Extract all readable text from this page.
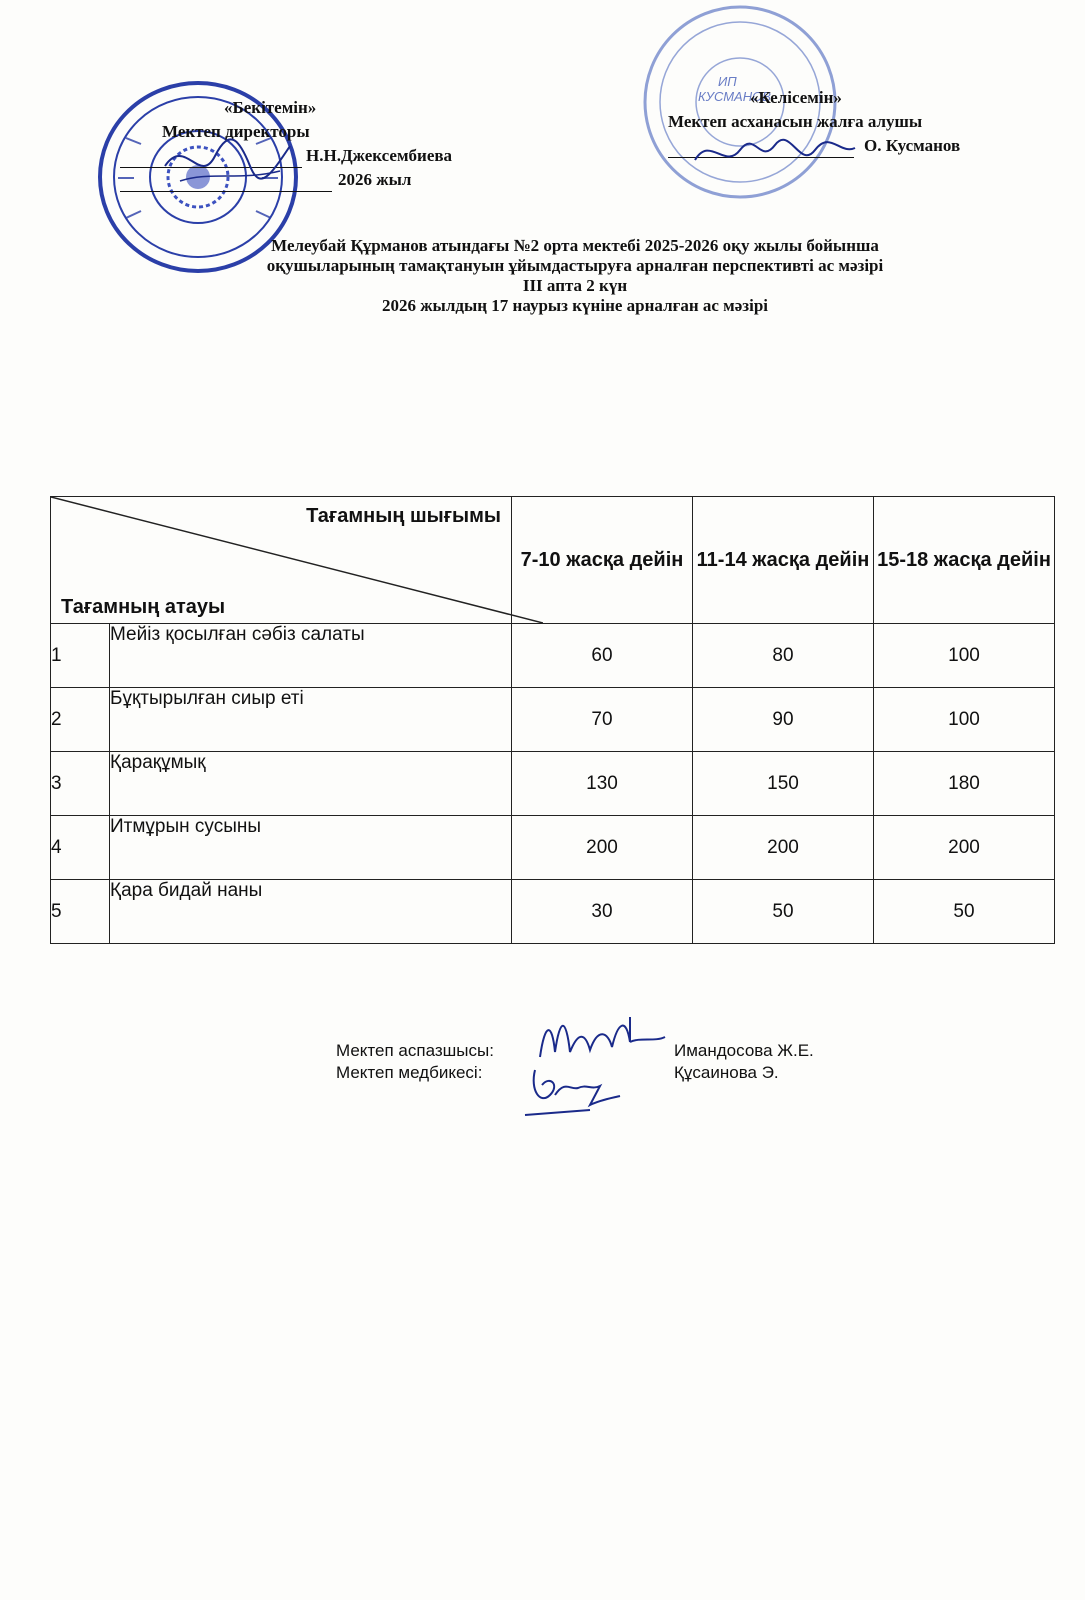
«Бекітемін»
Мектеп директоры
Н.Н.Джексембиева
2026 жыл
ИП
КУСМАНОВ
«Келісемін»
Мектеп асханасын жалға алушы
О. Кусманов
Мелеубай Құрманов атындағы №2 орта мектебі 2025-2026 оқу жылы бойынша
оқушыларының тамақтануын ұйымдастыруға арналған перспективті ас мәзірі
ІІІ апта 2 күн
2026 жылдың 17 наурыз күніне арналған ас мәзірі
Тағамның шығымы
Тағамның атауы		7-10 жасқа дейін	11-14 жасқа дейін	15-18 жасқа дейін
1	Мейіз қосылған сәбіз салаты	60	80	100
2	Бұқтырылған сиыр еті	70	90	100
3	Қарақұмық	130	150	180
4	Итмұрын сусыны	200	200	200
5	Қара бидай наны	30	50	50
Мектеп аспазшысы:	Имандосова Ж.Е.
Мектеп медбикесі:	Құсаинова Э.
